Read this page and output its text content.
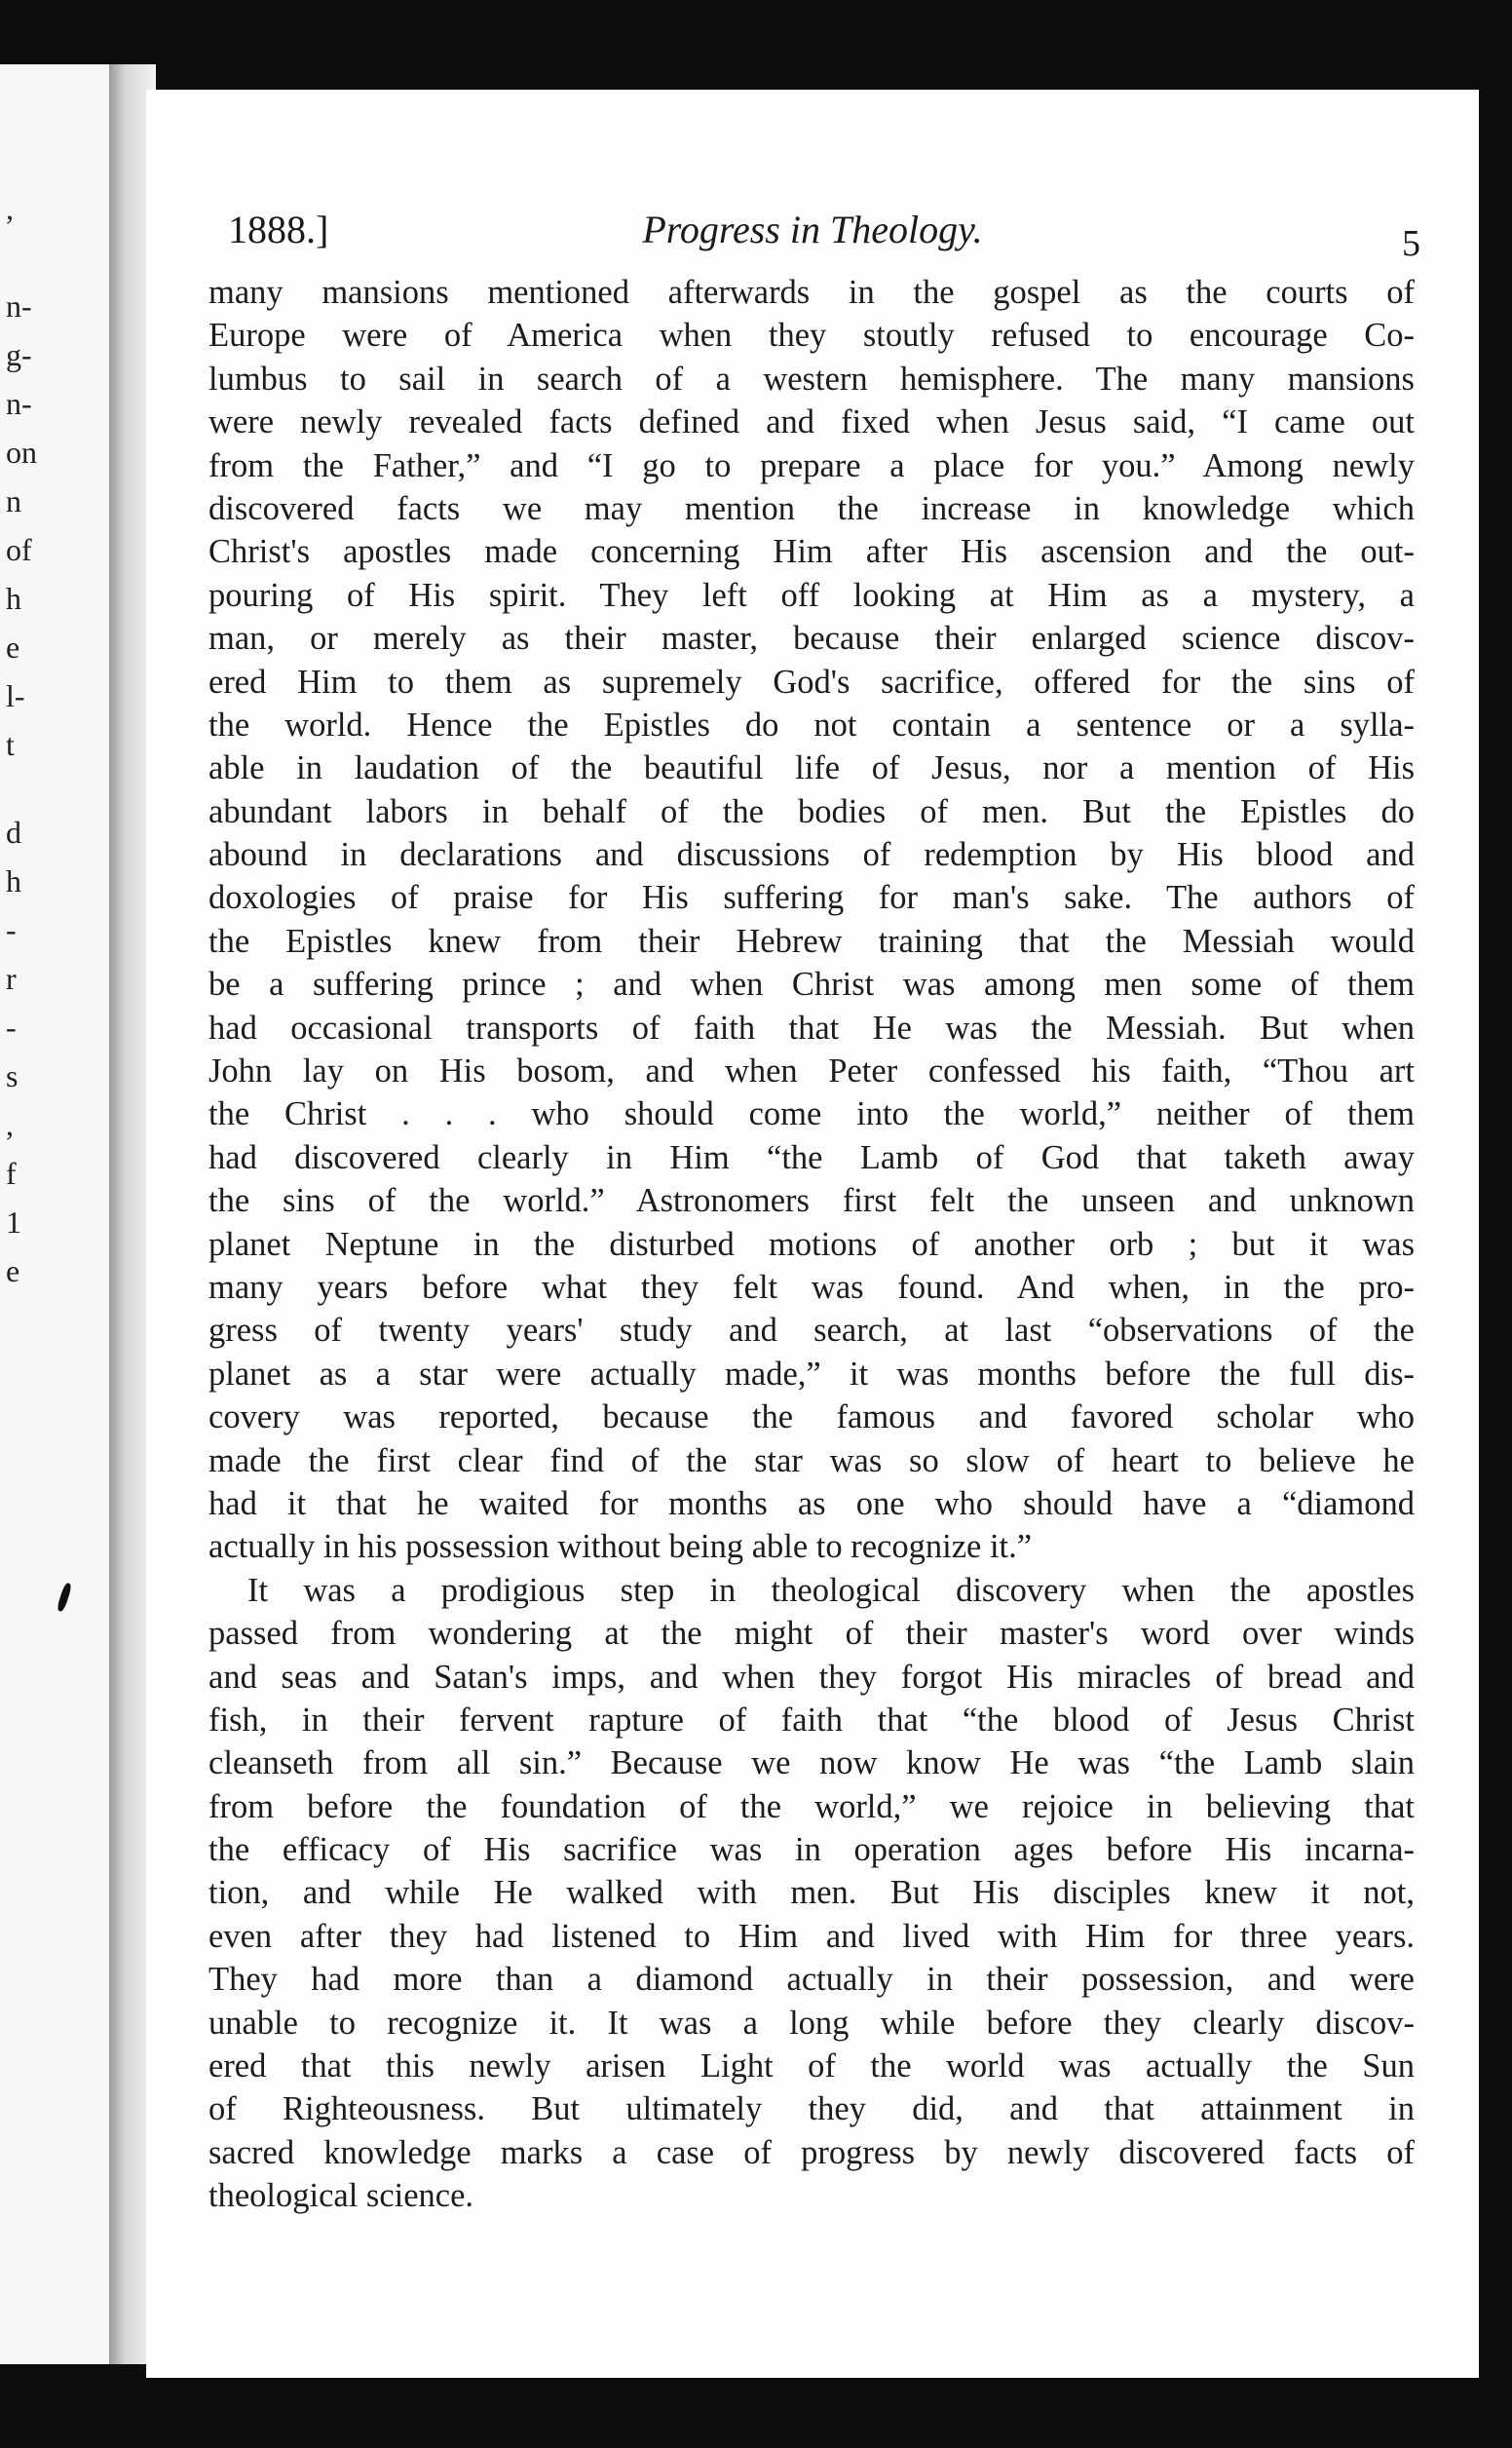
,
n-
g-
n-
on
n
of
h
e
l-
t
d
h
-
r
-
s
,
f
1
e
1888.]	Progress in Theology.	5
many mansions mentioned afterwards in the gospel as the courts of
Europe were of America when they stoutly refused to encourage Co-
lumbus to sail in search of a western hemisphere. The many mansions
were newly revealed facts defined and fixed when Jesus said, “I came out
from the Father,” and “I go to prepare a place for you.” Among newly
discovered facts we may mention the increase in knowledge which
Christ's apostles made concerning Him after His ascension and the out-
pouring of His spirit. They left off looking at Him as a mystery, a
man, or merely as their master, because their enlarged science discov-
ered Him to them as supremely God's sacrifice, offered for the sins of
the world. Hence the Epistles do not contain a sentence or a sylla-
able in laudation of the beautiful life of Jesus, nor a mention of His
abundant labors in behalf of the bodies of men. But the Epistles do
abound in declarations and discussions of redemption by His blood and
doxologies of praise for His suffering for man's sake. The authors of
the Epistles knew from their Hebrew training that the Messiah would
be a suffering prince ; and when Christ was among men some of them
had occasional transports of faith that He was the Messiah. But when
John lay on His bosom, and when Peter confessed his faith, “Thou art
the Christ . . . who should come into the world,” neither of them
had discovered clearly in Him “the Lamb of God that taketh away
the sins of the world.” Astronomers first felt the unseen and unknown
planet Neptune in the disturbed motions of another orb ; but it was
many years before what they felt was found. And when, in the pro-
gress of twenty years' study and search, at last “observations of the
planet as a star were actually made,” it was months before the full dis-
covery was reported, because the famous and favored scholar who
made the first clear find of the star was so slow of heart to believe he
had it that he waited for months as one who should have a “diamond
actually in his possession without being able to recognize it.”
It was a prodigious step in theological discovery when the apostles
passed from wondering at the might of their master's word over winds
and seas and Satan's imps, and when they forgot His miracles of bread and
fish, in their fervent rapture of faith that “the blood of Jesus Christ
cleanseth from all sin.” Because we now know He was “the Lamb slain
from before the foundation of the world,” we rejoice in believing that
the efficacy of His sacrifice was in operation ages before His incarna-
tion, and while He walked with men. But His disciples knew it not,
even after they had listened to Him and lived with Him for three years.
They had more than a diamond actually in their possession, and were
unable to recognize it. It was a long while before they clearly discov-
ered that this newly arisen Light of the world was actually the Sun
of Righteousness. But ultimately they did, and that attainment in
sacred knowledge marks a case of progress by newly discovered facts of
theological science.
